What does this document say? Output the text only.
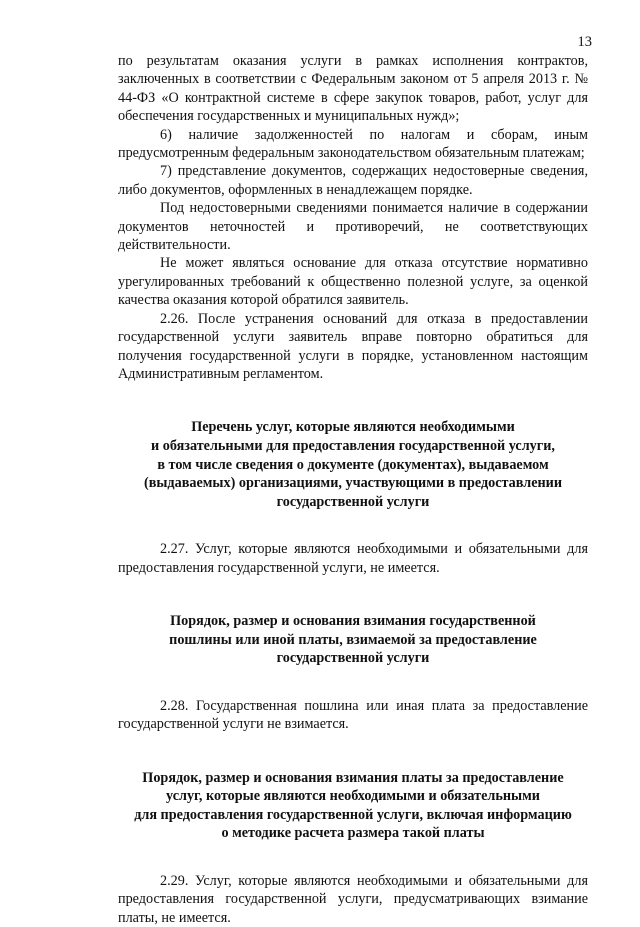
13

по результатам оказания услуги в рамках исполнения контрактов, заключенных в соответствии с Федеральным законом от 5 апреля 2013 г. № 44-ФЗ «О контрактной системе в сфере закупок товаров, работ, услуг для обеспечения государственных и муниципальных нужд»;

6) наличие задолженностей по налогам и сборам, иным предусмотренным федеральным законодательством обязательным платежам;

7) представление документов, содержащих недостоверные сведения, либо документов, оформленных в ненадлежащем порядке.

Под недостоверными сведениями понимается наличие в содержании документов неточностей и противоречий, не соответствующих действительности.

Не может являться основание для отказа отсутствие нормативно урегулированных требований к общественно полезной услуге, за оценкой качества оказания которой обратился заявитель.

2.26. После устранения оснований для отказа в предоставлении государственной услуги заявитель вправе повторно обратиться для получения государственной услуги в порядке, установленном настоящим Административным регламентом.

Перечень услуг, которые являются необходимыми

и обязательными для предоставления государственной услуги,

в том числе сведения о документе (документах), выдаваемом

(выдаваемых) организациями, участвующими в предоставлении

государственной услуги

2.27. Услуг, которые являются необходимыми и обязательными для предоставления государственной услуги, не имеется.

Порядок, размер и основания взимания государственной

пошлины или иной платы, взимаемой за предоставление

государственной услуги

2.28. Государственная пошлина или иная плата за предоставление государственной услуги не взимается.

Порядок, размер и основания взимания платы за предоставление

услуг, которые являются необходимыми и обязательными

для предоставления государственной услуги, включая информацию

о методике расчета размера такой платы

2.29. Услуг, которые являются необходимыми и обязательными для предоставления государственной услуги, предусматривающих взимание платы, не имеется.
